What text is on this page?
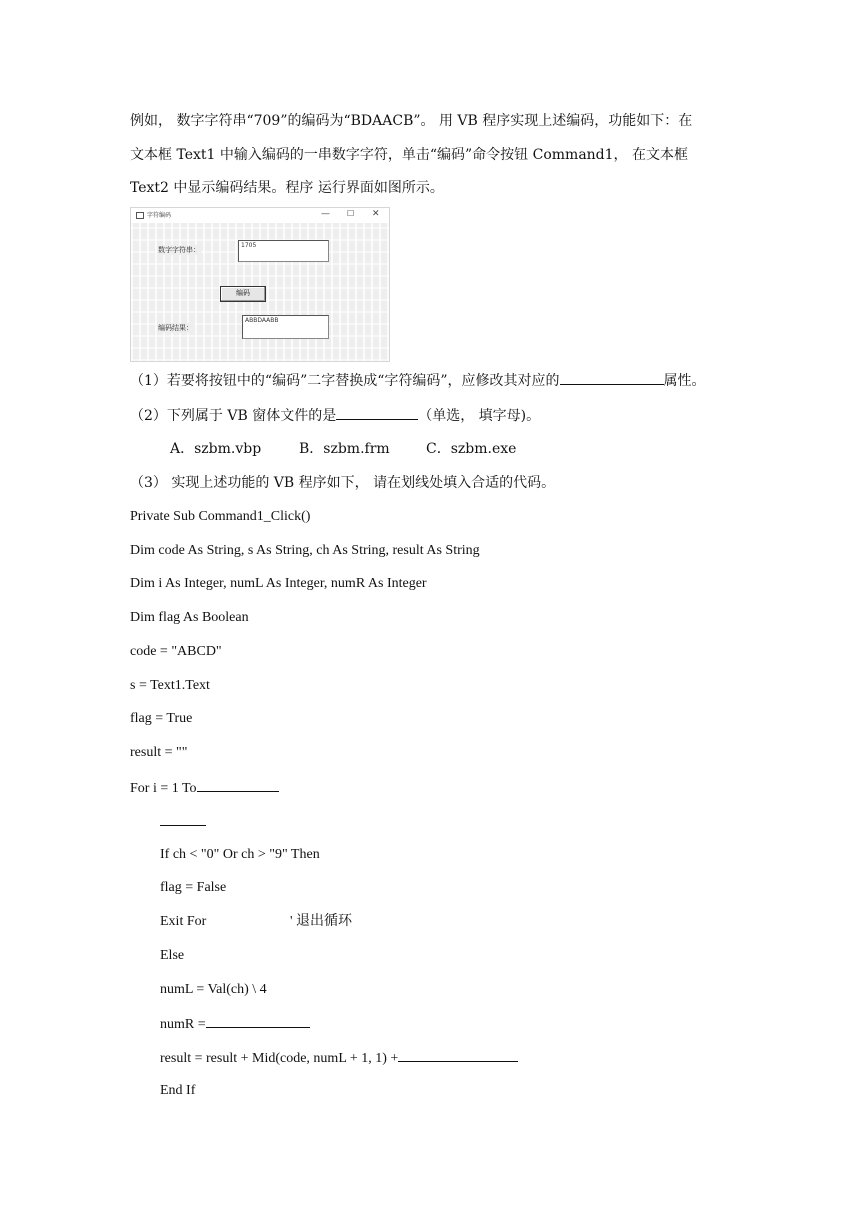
例如， 数字字符串“709”的编码为“BDAACB”。 用 VB 程序实现上述编码，功能如下：在
文本框 Text1 中输入编码的一串数字字符，单击“编码”命令按钮 Command1， 在文本框
Text2 中显示编码结果。程序 运行界面如图所示。
字符编码	— ☐ ✕
数字字符串：
1705
编码
编码结果：
ABBDAABB
（1）若要将按钮中的“编码”二字替换成“字符编码”，应修改其对应的	属性。
（2）下列属于 VB 窗体文件的是	（单选， 填字母)。
A．szbm.vbp	B．szbm.frm	C．szbm.exe
（3） 实现上述功能的 VB 程序如下， 请在划线处填入合适的代码。
Private Sub Command1_Click()
Dim code As String, s As String, ch As String, result As String
Dim i As Integer, numL As Integer, numR As Integer
Dim flag As Boolean
code = "ABCD"
s = Text1.Text
flag = True
result = ""
For i = 1 To
If ch < "0" Or ch > "9" Then
flag = False
Exit For	' 退出循环
Else
numL = Val(ch) \ 4
numR =
result = result + Mid(code, numL + 1, 1) +
End If
